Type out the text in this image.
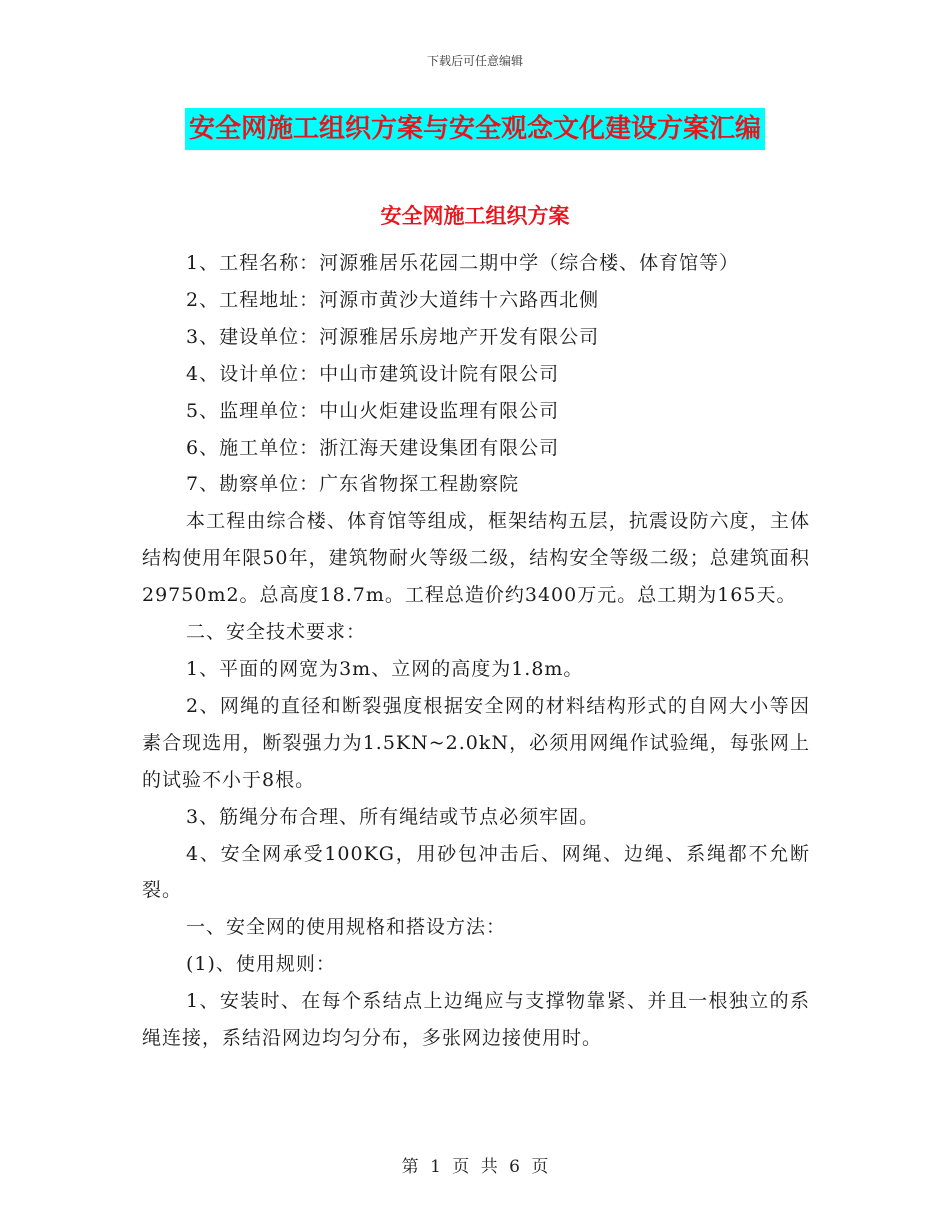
下载后可任意编辑
安全网施工组织方案与安全观念文化建设方案汇编
安全网施工组织方案

1、工程名称：河源雅居乐花园二期中学（综合楼、体育馆等）

2、工程地址：河源市黄沙大道纬十六路西北侧

3、建设单位：河源雅居乐房地产开发有限公司

4、设计单位：中山市建筑设计院有限公司

5、监理单位：中山火炬建设监理有限公司

6、施工单位：浙江海天建设集团有限公司

7、勘察单位：广东省物探工程勘察院

本工程由综合楼、体育馆等组成，框架结构五层，抗震设防六度，主体结构使用年限50年，建筑物耐火等级二级，结构安全等级二级；总建筑面积29750m2。总高度18.7m。工程总造价约3400万元。总工期为165天。

二、安全技术要求：

1、平面的网宽为3m、立网的高度为1.8m。

2、网绳的直径和断裂强度根据安全网的材料结构形式的自网大小等因素合现选用，断裂强力为1.5KN~2.0kN，必须用网绳作试验绳，每张网上的试验不小于8根。

3、筋绳分布合理、所有绳结或节点必须牢固。

4、安全网承受100KG，用砂包冲击后、网绳、边绳、系绳都不允断裂。

一、安全网的使用规格和搭设方法：

(1)、使用规则：

1、安装时、在每个系结点上边绳应与支撑物靠紧、并且一根独立的系绳连接，系结沿网边均匀分布，多张网边接使用时。

第 1 页 共 6 页
